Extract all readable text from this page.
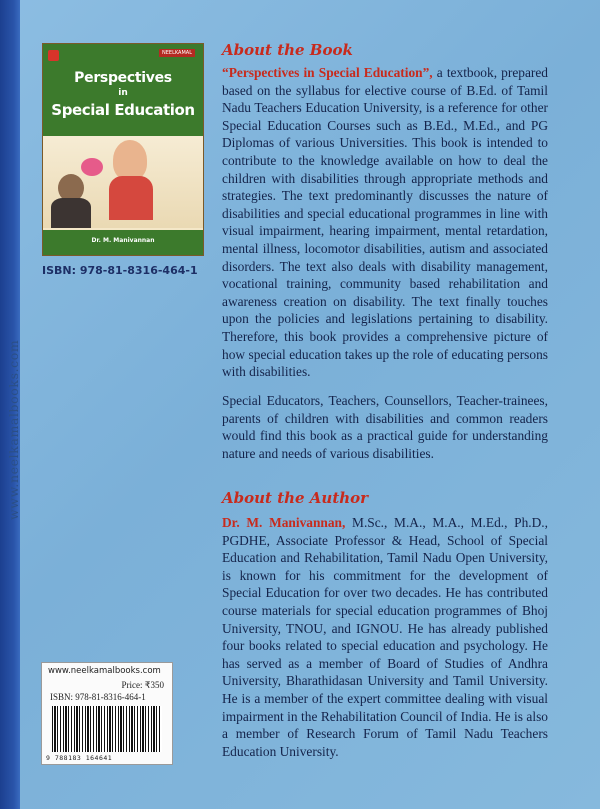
www.neelkamalbooks.com
NEELKAMAL
Perspectives
in
Special Education
Dr. M. Manivannan
ISBN: 978-81-8316-464-1
About the Book

“Perspectives in Special Education”, a textbook, prepared based on the syllabus for elective course of B.Ed. of Tamil Nadu Teachers Education University, is a reference for other Special Education Courses such as B.Ed., M.Ed., and PG Diplomas of various Universities. This book is intended to contribute to the knowledge available on how to deal the children with disabilities through appropriate methods and strategies. The text predominantly discusses the nature of disabilities and special educational programmes in line with visual impairment, hearing impairment, mental retardation, mental illness, locomotor disabilities, autism and associated disorders. The text also deals with disability management, vocational training, community based rehabilitation and awareness creation on disability. The text finally touches upon the policies and legislations pertaining to disability. Therefore, this book provides a comprehensive picture of how special education takes up the role of educating persons with disabilities.

Special Educators, Teachers, Counsellors, Teacher-trainees, parents of children with disabilities and common readers would find this book as a practical guide for understanding nature and needs of various disabilities.

About the Author

Dr. M. Manivannan, M.Sc., M.A., M.A., M.Ed., Ph.D., PGDHE, Associate Professor & Head, School of Special Education and Rehabilitation, Tamil Nadu Open University, is known for his commitment for the development of Special Education for over two decades. He has contributed course materials for special education programmes of Bhoj University, TNOU, and IGNOU. He has already published four books related to special education and psychology. He has served as a member of Board of Studies of Andhra University, Bharathidasan University and Tamil University. He is a member of the expert committee dealing with visual impairment in the Rehabilitation Council of India. He is also a member of Research Forum of Tamil Nadu Teachers Education University.

www.neelkamalbooks.com
Price: ₹350
ISBN: 978-81-8316-464-1
9 788183 164641
